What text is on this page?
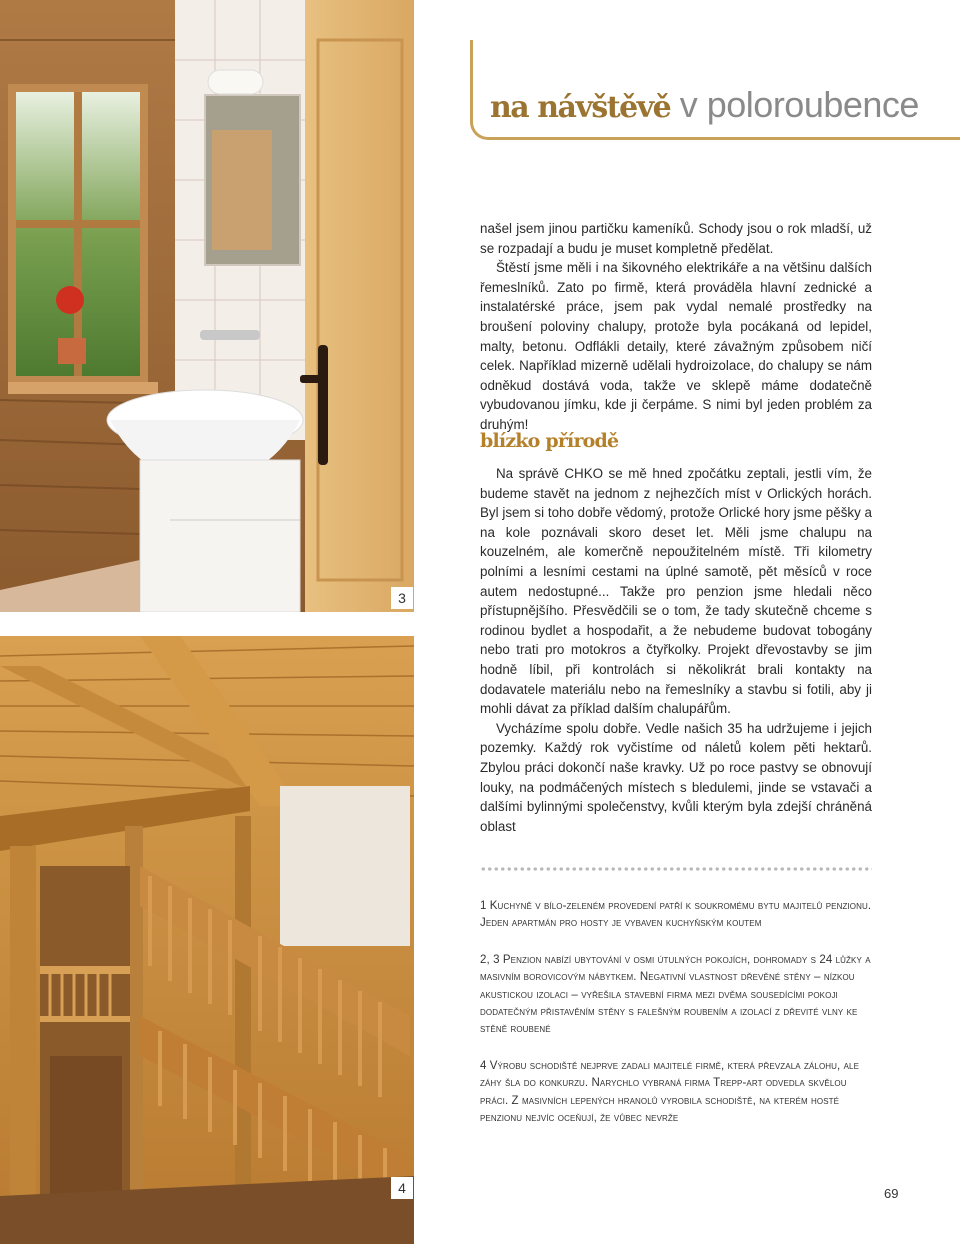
3
4
na návštěvě v poloroubence

našel jsem jinou partičku kameníků. Schody jsou o rok mladší, už se rozpadají a budu je muset kompletně předělat.

Štěstí jsme měli i na šikovného elektrikáře a na většinu dalších řemeslníků. Zato po firmě, která prováděla hlavní zednické a instalatérské práce, jsem pak vydal nemalé prostředky na broušení poloviny chalupy, protože byla pocákaná od lepidel, malty, betonu. Odflákli detaily, které závažným způsobem ničí celek. Například mizerně udělali hydroizolace, do chalupy se nám odněkud dostává voda, takže ve sklepě máme dodatečně vybudovanou jímku, kde ji čerpáme. S nimi byl jeden problém za druhým!

blízko přírodě

Na správě CHKO se mě hned zpočátku zeptali, jestli vím, že budeme stavět na jednom z nejhezčích míst v Orlických horách. Byl jsem si toho dobře vědomý, protože Orlické hory jsme pěšky a na kole poznávali skoro deset let. Měli jsme chalupu na kouzelném, ale komerčně nepoužitelném místě. Tři kilometry polními a lesními cestami na úplné samotě, pět měsíců v roce autem nedostupné... Takže pro penzion jsme hledali něco přístupnějšího. Přesvědčili se o tom, že tady skutečně chceme s rodinou bydlet a hospodařit, a že nebudeme budovat tobogány nebo trati pro motokros a čtyřkolky. Projekt dřevostavby se jim hodně líbil, při kontrolách si několikrát brali kontakty na dodavatele materiálu nebo na řemeslníky a stavbu si fotili, aby ji mohli dávat za příklad dalším chalupářům.

Vycházíme spolu dobře. Vedle našich 35 ha udržujeme i jejich pozemky. Každý rok vyčistíme od náletů kolem pěti hektarů. Zbylou práci dokončí naše kravky. Už po roce pastvy se obnovují louky, na podmáčených místech s bledulemi, jinde se vstavači a dalšími bylinnými společenstvy, kvůli kterým byla zdejší chráněná oblast

1 Kuchyně v bílo-zeleném provedení patří k soukromému bytu majitelů penzionu. Jeden apartmán pro hosty je vybaven kuchyňským koutem

2, 3 Penzion nabízí ubytování v osmi útulných pokojích, dohromady s 24 lůžky a masivním borovicovým nábytkem. Negativní vlastnost dřevěné stěny – nízkou akustickou izolaci – vyřešila stavební firma mezi dvěma sousedícími pokoji dodatečným přistavěním stěny s falešným roubením a izolací z dřevité vlny ke stěně roubené

4 Výrobu schodiště nejprve zadali majitelé firmě, která převzala zálohu, ale záhy šla do konkurzu. Narychlo vybraná firma Trepp-art odvedla skvělou práci. Z masivních lepených hranolů vyrobila schodiště, na kterém hosté penzionu nejvíc oceňují, že vůbec nevrže

69
